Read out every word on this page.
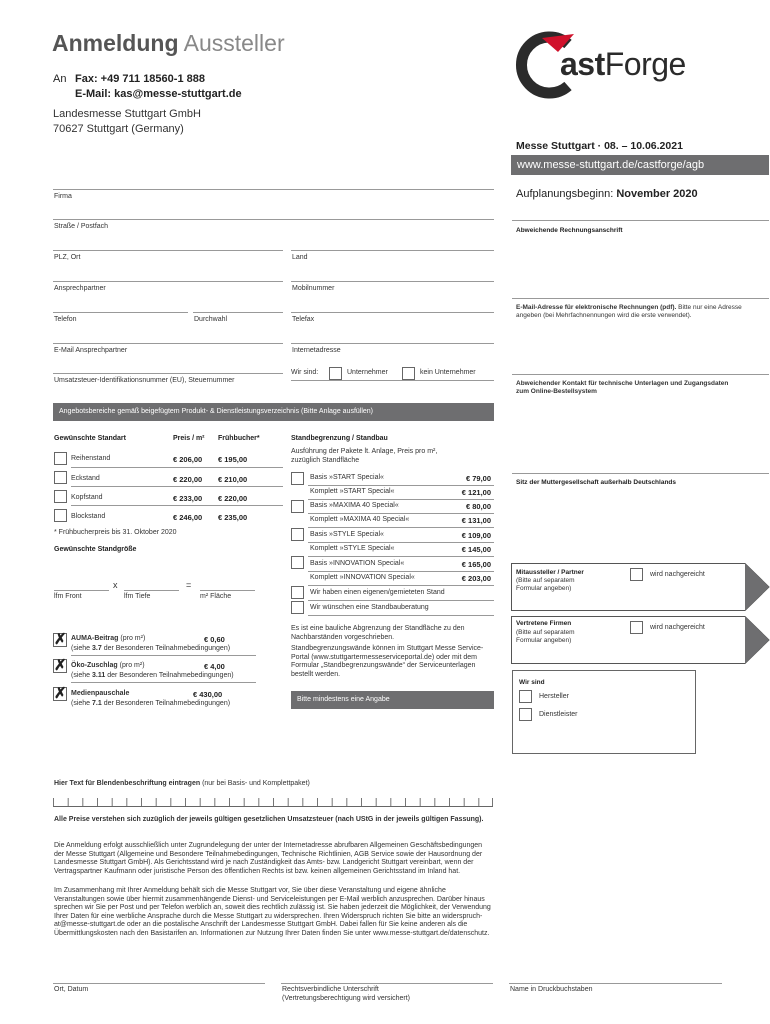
Anmeldung Aussteller
An Fax: +49 711 18560-1 888
E-Mail: kas@messe-stuttgart.de
Landesmesse Stuttgart GmbH
70627 Stuttgart (Germany)
astForge
Messe Stuttgart · 08. – 10.06.2021
www.messe-stuttgart.de/castforge/agb
Aufplanungsbeginn: November 2020
Firma
Straße / Postfach
PLZ, Ort	Land
Ansprechpartner	Mobilnummer
Telefon	Durchwahl	Telefax
E-Mail Ansprechpartner	Internetadresse
Umsatzsteuer-Identifikationsnummer (EU), Steuernummer
Wir sind:	Unternehmer	kein Unternehmer
Abweichende Rechnungsanschrift
E-Mail-Adresse für elektronische Rechnungen (pdf). Bitte nur eine Adresse angeben (bei Mehrfachnennungen wird die erste verwendet).
Abweichender Kontakt für technische Unterlagen und Zugangsdaten zum Online-Bestellsystem
Sitz der Muttergesellschaft außerhalb Deutschlands
Mitaussteller / Partner
(Bitte auf separatem Formular angeben)
wird nachgereicht
Vertretene Firmen
(Bitte auf separatem Formular angeben)
wird nachgereicht
Wir sind
Hersteller
Dienstleister
Angebotsbereiche gemäß beigefügtem Produkt- & Dienstleistungsverzeichnis (Bitte Anlage ausfüllen)
Gewünschte Standart	Preis / m² Frühbucher*
Reihenstand	€ 206,00 € 195,00
Eckstand	€ 220,00 € 210,00
Kopfstand	€ 233,00 € 220,00
Blockstand	€ 246,00 € 235,00
* Frühbucherpreis bis 31. Oktober 2020
Gewünschte Standgröße
x	=
lfm Front	lfm Tiefe	m² Fläche
✗ AUMA-Beitrag (pro m²)	€ 0,60
(siehe 3.7 der Besonderen Teilnahmebedingungen)
✗ Öko-Zuschlag (pro m²)	€ 4,00
(siehe 3.11 der Besonderen Teilnahmebedingungen)
✗ Medienpauschale	€ 430,00
(siehe 7.1 der Besonderen Teilnahmebedingungen)
Standbegrenzung / Standbau
Ausführung der Pakete lt. Anlage, Preis pro m², zuzüglich Standfläche
Basis »START Special«	€ 79,00
Komplett »START Special«	€ 121,00
Basis »MAXIMA 40 Special«	€ 80,00
Komplett »MAXIMA 40 Special«	€ 131,00
Basis »STYLE Special«	€ 109,00
Komplett »STYLE Special«	€ 145,00
Basis »INNOVATION Special«	€ 165,00
Komplett »INNOVATION Special«	€ 203,00
Wir haben einen eigenen/gemieteten Stand
Wir wünschen eine Standbauberatung
Es ist eine bauliche Abgrenzung der Standfläche zu den Nachbarständen vorgeschrieben.
Standbegrenzungswände können im Stuttgart Messe Service-Portal (www.stuttgartermesseserviceportal.de) oder mit dem Formular „Standbegrenzungswände“ der Serviceunterlagen bestellt werden.
Bitte mindestens eine Angabe
Hier Text für Blendenbeschriftung eintragen (nur bei Basis- und Komplettpaket)
Alle Preise verstehen sich zuzüglich der jeweils gültigen gesetzlichen Umsatzsteuer (nach UStG in der jeweils gültigen Fassung).
Die Anmeldung erfolgt ausschließlich unter Zugrundelegung der unter der Internetadresse abrufbaren Allgemeinen Geschäftsbedingungen der Messe Stuttgart (Allgemeine und Besondere Teilnahmebedingungen, Technische Richtlinien, AGB Service sowie der Hausordnung der Landesmesse Stuttgart GmbH). Als Gerichtsstand wird je nach Zuständigkeit das Amts- bzw. Landgericht Stuttgart vereinbart, wenn der Vertragspartner Kaufmann oder juristische Person des öffentlichen Rechts ist bzw. keinen allgemeinen Gerichtsstand im Inland hat.
Im Zusammenhang mit Ihrer Anmeldung behält sich die Messe Stuttgart vor, Sie über diese Veranstaltung und eigene ähnliche Veranstaltungen sowie über hiermit zusammenhängende Dienst- und Serviceleistungen per E-Mail werblich anzusprechen. Darüber hinaus sprechen wir Sie per Post und per Telefon werblich an, soweit dies rechtlich zulässig ist. Sie haben jederzeit die Möglichkeit, der Verwendung Ihrer Daten für eine werbliche Ansprache durch die Messe Stuttgart zu widersprechen. Ihren Widerspruch richten Sie bitte an widerspruch-at@messe-stuttgart.de oder an die postalische Anschrift der Landesmesse Stuttgart GmbH. Dabei fallen für Sie keine anderen als die Übermittlungskosten nach den Basistarifen an. Informationen zur Nutzung Ihrer Daten finden Sie unter www.messe-stuttgart.de/datenschutz.
Ort, Datum	Rechtsverbindliche Unterschrift
(Vertretungsberechtigung wird versichert)
Name in Druckbuchstaben
